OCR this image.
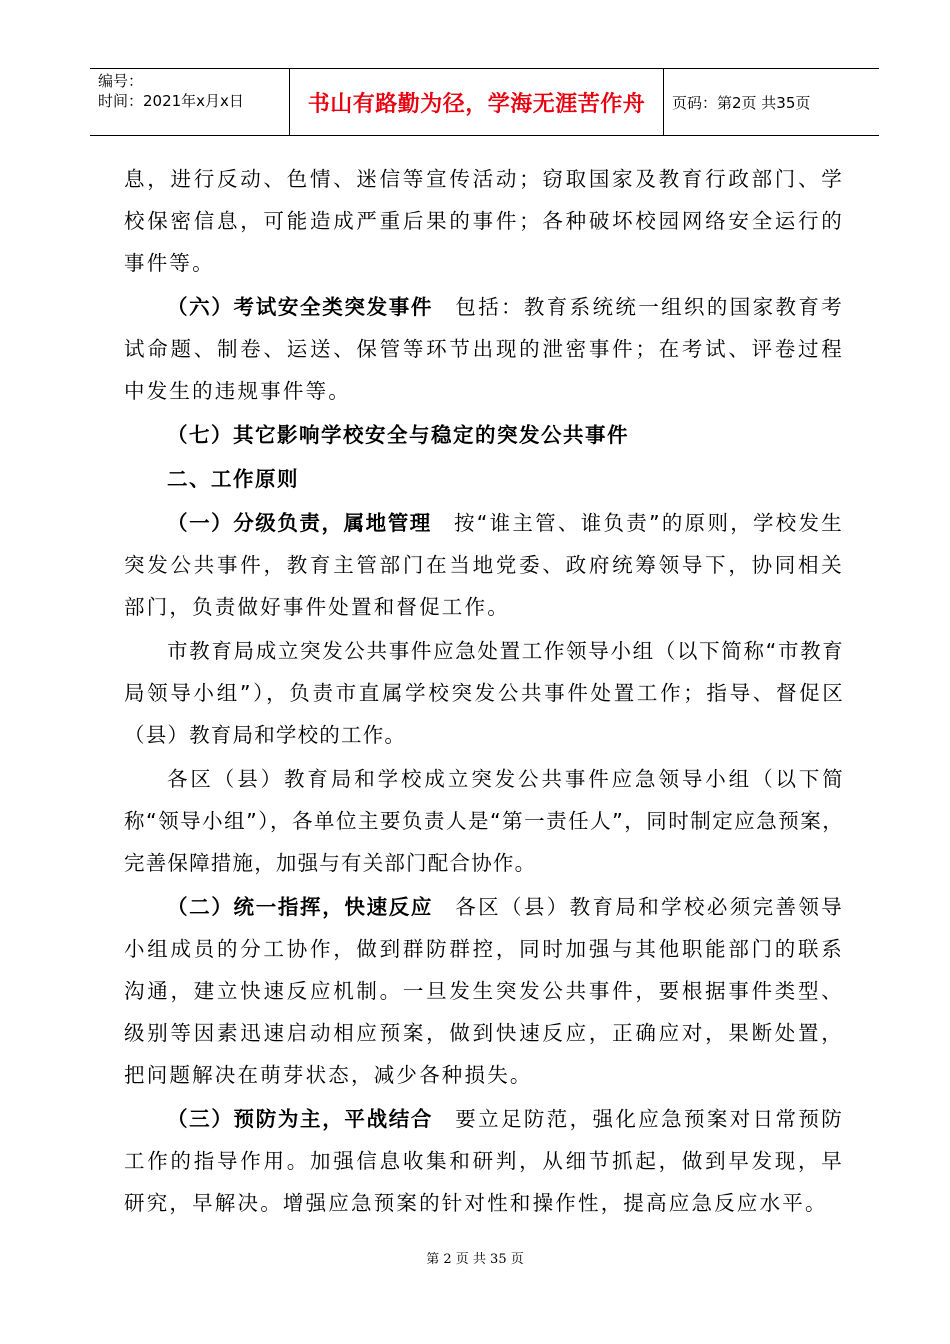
编号：
时间：2021年x月x日	书山有路勤为径，学海无涯苦作舟	页码：第2页 共35页

息，进行反动、色情、迷信等宣传活动；窃取国家及教育行政部门、学校保密信息，可能造成严重后果的事件；各种破坏校园网络安全运行的事件等。

（六）考试安全类突发事件 包括：教育系统统一组织的国家教育考试命题、制卷、运送、保管等环节出现的泄密事件；在考试、评卷过程中发生的违规事件等。

（七）其它影响学校安全与稳定的突发公共事件

二、工作原则

（一）分级负责，属地管理 按“谁主管、谁负责”的原则，学校发生突发公共事件，教育主管部门在当地党委、政府统筹领导下，协同相关部门，负责做好事件处置和督促工作。

市教育局成立突发公共事件应急处置工作领导小组（以下简称“市教育局领导小组”），负责市直属学校突发公共事件处置工作；指导、督促区（县）教育局和学校的工作。

各区（县）教育局和学校成立突发公共事件应急领导小组（以下简称“领导小组”），各单位主要负责人是“第一责任人”，同时制定应急预案，完善保障措施，加强与有关部门配合协作。

（二）统一指挥，快速反应 各区（县）教育局和学校必须完善领导小组成员的分工协作，做到群防群控，同时加强与其他职能部门的联系沟通，建立快速反应机制。一旦发生突发公共事件，要根据事件类型、级别等因素迅速启动相应预案，做到快速反应，正确应对，果断处置，把问题解决在萌芽状态，减少各种损失。

（三）预防为主，平战结合 要立足防范，强化应急预案对日常预防工作的指导作用。加强信息收集和研判，从细节抓起，做到早发现，早研究，早解决。增强应急预案的针对性和操作性，提高应急反应水平。

第 2 页 共 35 页
